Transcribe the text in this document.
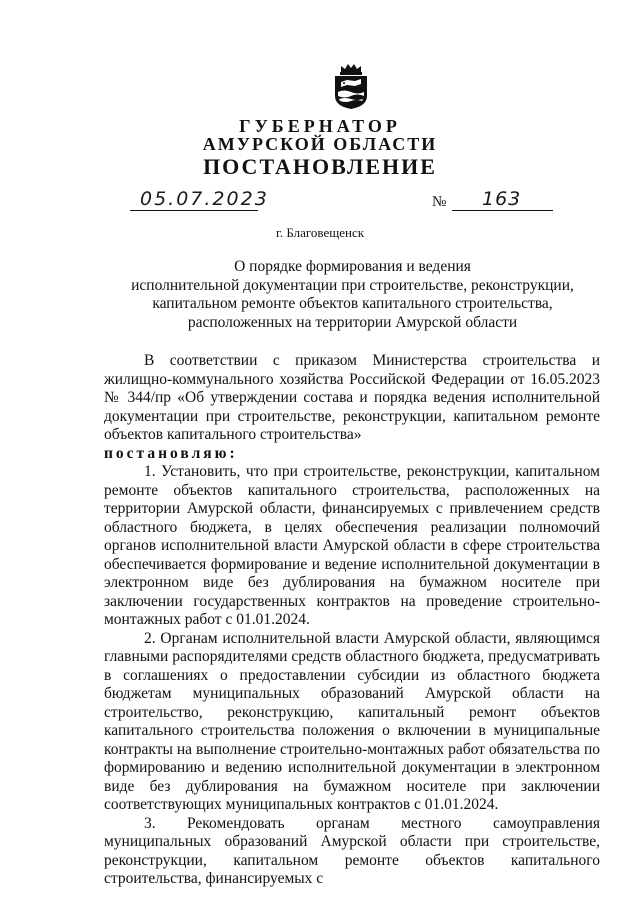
ГУБЕРНАТОР

АМУРСКОЙ ОБЛАСТИ

ПОСТАНОВЛЕНИЕ

05.07.2023	№ 163
г. Благовещенск
О порядке формирования и ведения
исполнительной документации при строительстве, реконструкции,
капитальном ремонте объектов капитального строительства,
расположенных на территории Амурской области

В соответствии с приказом Министерства строительства и жилищно-коммунального хозяйства Российской Федерации от 16.05.2023 № 344/пр «Об утверждении состава и порядка ведения исполнительной документации при строительстве, реконструкции, капитальном ремонте объектов капитального строительства»

постановляю:

1. Установить, что при строительстве, реконструкции, капитальном ремонте объектов капитального строительства, расположенных на территории Амурской области, финансируемых с привлечением средств областного бюджета, в целях обеспечения реализации полномочий органов исполнительной власти Амурской области в сфере строительства обеспечивается формирование и ведение исполнительной документации в электронном виде без дублирования на бумажном носителе при заключении государственных контрактов на проведение строительно-монтажных работ с 01.01.2024.

2. Органам исполнительной власти Амурской области, являющимся главными распорядителями средств областного бюджета, предусматривать в соглашениях о предоставлении субсидии из областного бюджета бюджетам муниципальных образований Амурской области на строительство, реконструкцию, капитальный ремонт объектов капитального строительства положения о включении в муниципальные контракты на выполнение строительно-монтажных работ обязательства по формированию и ведению исполнительной документации в электронном виде без дублирования на бумажном носителе при заключении соответствующих муниципальных контрактов с 01.01.2024.

3. Рекомендовать органам местного самоуправления муниципальных образований Амурской области при строительстве, реконструкции, капитальном ремонте объектов капитального строительства, финансируемых с
